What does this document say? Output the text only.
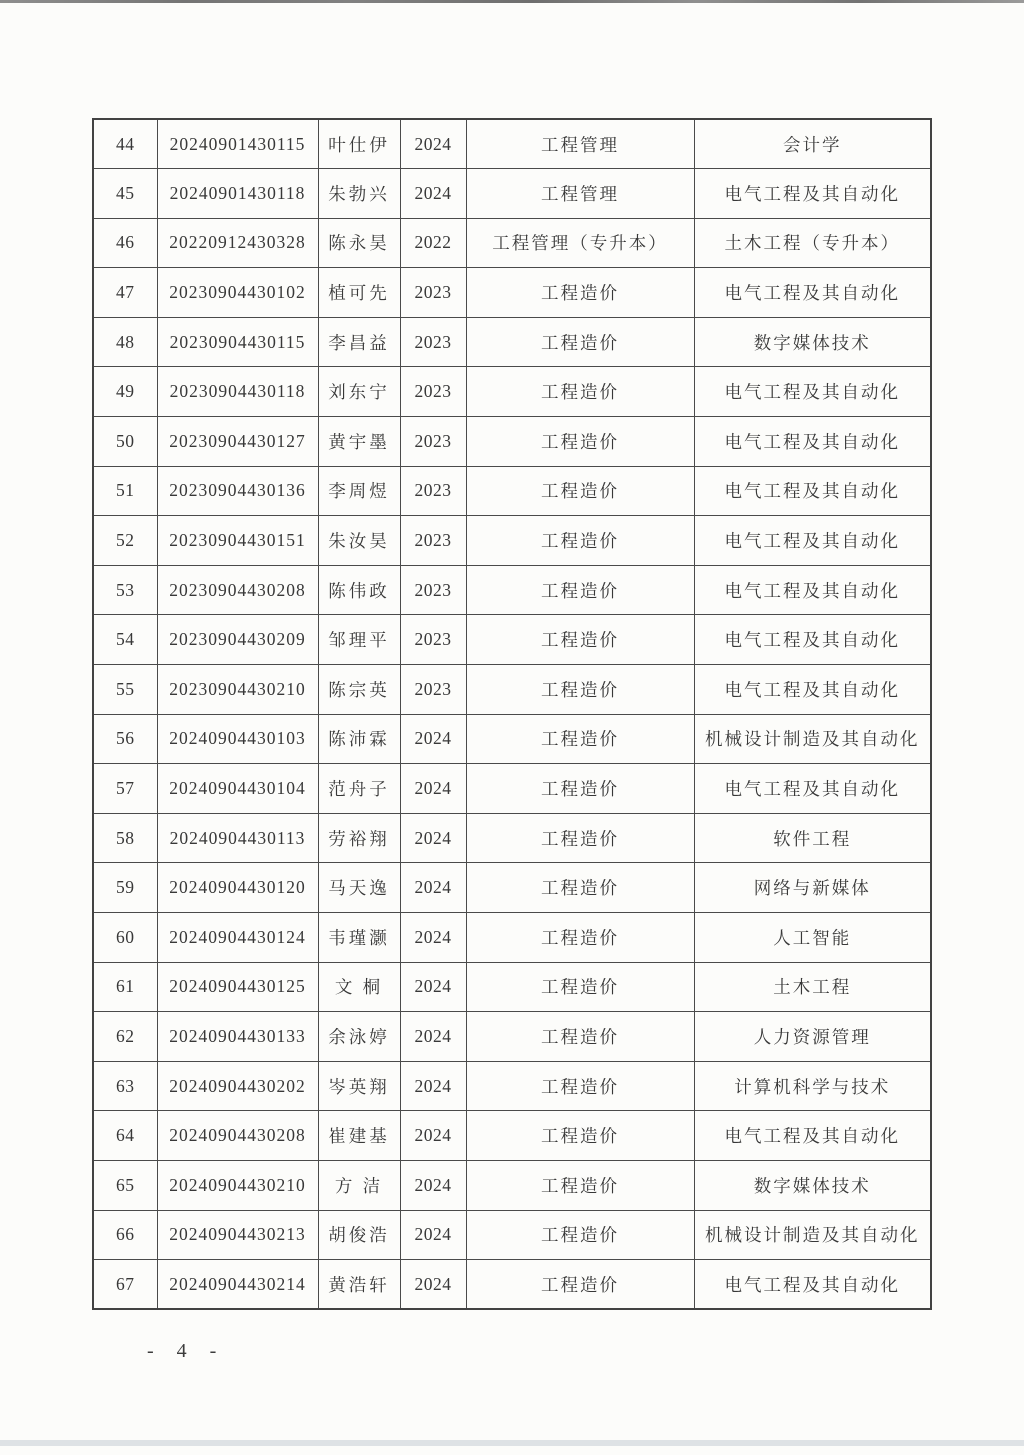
44	20240901430115	叶仕伊	2024	工程管理	会计学
45	20240901430118	朱勃兴	2024	工程管理	电气工程及其自动化
46	20220912430328	陈永昊	2022	工程管理（专升本）	土木工程（专升本）
47	20230904430102	植可先	2023	工程造价	电气工程及其自动化
48	20230904430115	李昌益	2023	工程造价	数字媒体技术
49	20230904430118	刘东宁	2023	工程造价	电气工程及其自动化
50	20230904430127	黄宇墨	2023	工程造价	电气工程及其自动化
51	20230904430136	李周煜	2023	工程造价	电气工程及其自动化
52	20230904430151	朱汝昊	2023	工程造价	电气工程及其自动化
53	20230904430208	陈伟政	2023	工程造价	电气工程及其自动化
54	20230904430209	邹理平	2023	工程造价	电气工程及其自动化
55	20230904430210	陈宗英	2023	工程造价	电气工程及其自动化
56	20240904430103	陈沛霖	2024	工程造价	机械设计制造及其自动化
57	20240904430104	范舟子	2024	工程造价	电气工程及其自动化
58	20240904430113	劳裕翔	2024	工程造价	软件工程
59	20240904430120	马天逸	2024	工程造价	网络与新媒体
60	20240904430124	韦瑾灏	2024	工程造价	人工智能
61	20240904430125	文 桐	2024	工程造价	土木工程
62	20240904430133	余泳婷	2024	工程造价	人力资源管理
63	20240904430202	岑英翔	2024	工程造价	计算机科学与技术
64	20240904430208	崔建基	2024	工程造价	电气工程及其自动化
65	20240904430210	方 洁	2024	工程造价	数字媒体技术
66	20240904430213	胡俊浩	2024	工程造价	机械设计制造及其自动化
67	20240904430214	黄浩轩	2024	工程造价	电气工程及其自动化
- 4 -
